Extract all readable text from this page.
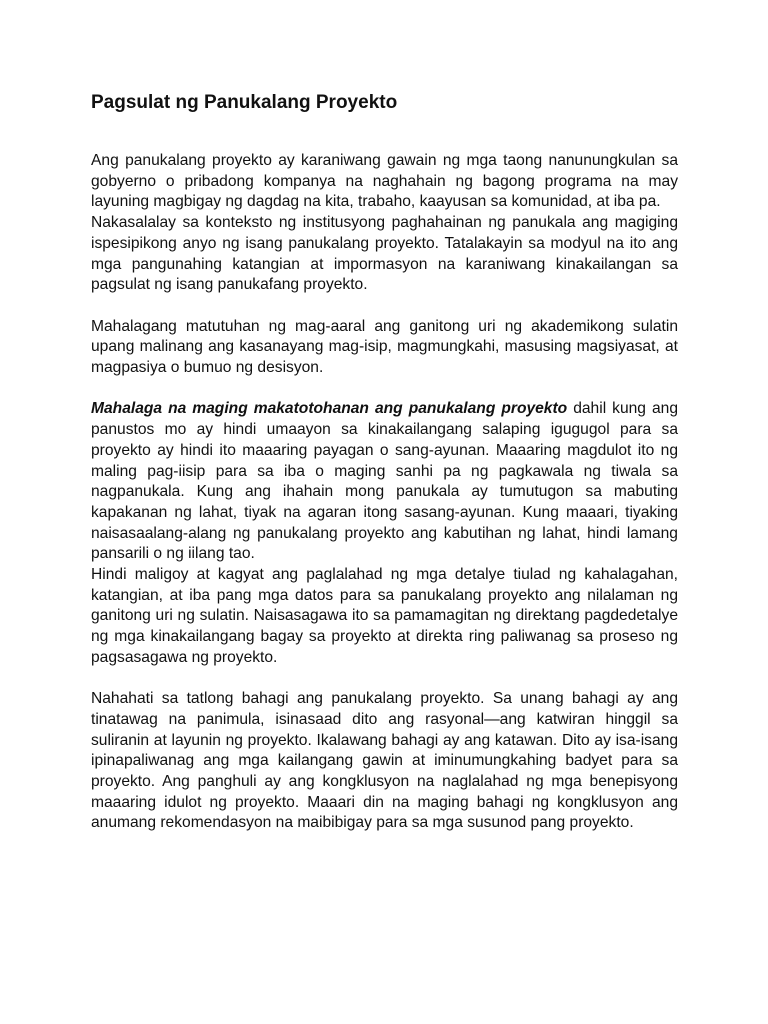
Pagsulat ng Panukalang Proyekto

Ang panukalang proyekto ay karaniwang gawain ng mga taong nanunungkulan sa gobyerno o pribadong kompanya na naghahain ng bagong programa na may layuning magbigay ng dagdag na kita, trabaho, kaayusan sa komunidad, at iba pa.

Nakasalalay sa konteksto ng institusyong paghahainan ng panukala ang magiging ispesipikong anyo ng isang panukalang proyekto. Tatalakayin sa modyul na ito ang mga pangunahing katangian at impormasyon na karaniwang kinakailangan sa pagsulat ng isang panukafang proyekto.

Mahalagang matutuhan ng mag-aaral ang ganitong uri ng akademikong sulatin upang malinang ang kasanayang mag-isip, magmungkahi, masusing magsiyasat, at magpasiya o bumuo ng desisyon.

Mahalaga na maging makatotohanan ang panukalang proyekto dahil kung ang panustos mo ay hindi umaayon sa kinakailangang salaping igugugol para sa proyekto ay hindi ito maaaring payagan o sang-ayunan. Maaaring magdulot ito ng maling pag-iisip para sa iba o maging sanhi pa ng pagkawala ng tiwala sa nagpanukala. Kung ang ihahain mong panukala ay tumutugon sa mabuting kapakanan ng lahat, tiyak na agaran itong sasang-ayunan. Kung maaari, tiyaking naisasaalang-alang ng panukalang proyekto ang kabutihan ng lahat, hindi lamang pansarili o ng iilang tao.

Hindi maligoy at kagyat ang paglalahad ng mga detalye tiulad ng kahalagahan, katangian, at iba pang mga datos para sa panukalang proyekto ang nilalaman ng ganitong uri ng sulatin. Naisasagawa ito sa pamamagitan ng direktang pagdedetalye ng mga kinakailangang bagay sa proyekto at direkta ring paliwanag sa proseso ng pagsasagawa ng proyekto.

Nahahati sa tatlong bahagi ang panukalang proyekto. Sa unang bahagi ay ang tinatawag na panimula, isinasaad dito ang rasyonal—ang katwiran hinggil sa suliranin at layunin ng proyekto. Ikalawang bahagi ay ang katawan. Dito ay isa-isang ipinapaliwanag ang mga kailangang gawin at iminumungkahing badyet para sa proyekto. Ang panghuli ay ang kongklusyon na naglalahad ng mga benepisyong maaaring idulot ng proyekto. Maaari din na maging bahagi ng kongklusyon ang anumang rekomendasyon na maibibigay para sa mga susunod pang proyekto.
